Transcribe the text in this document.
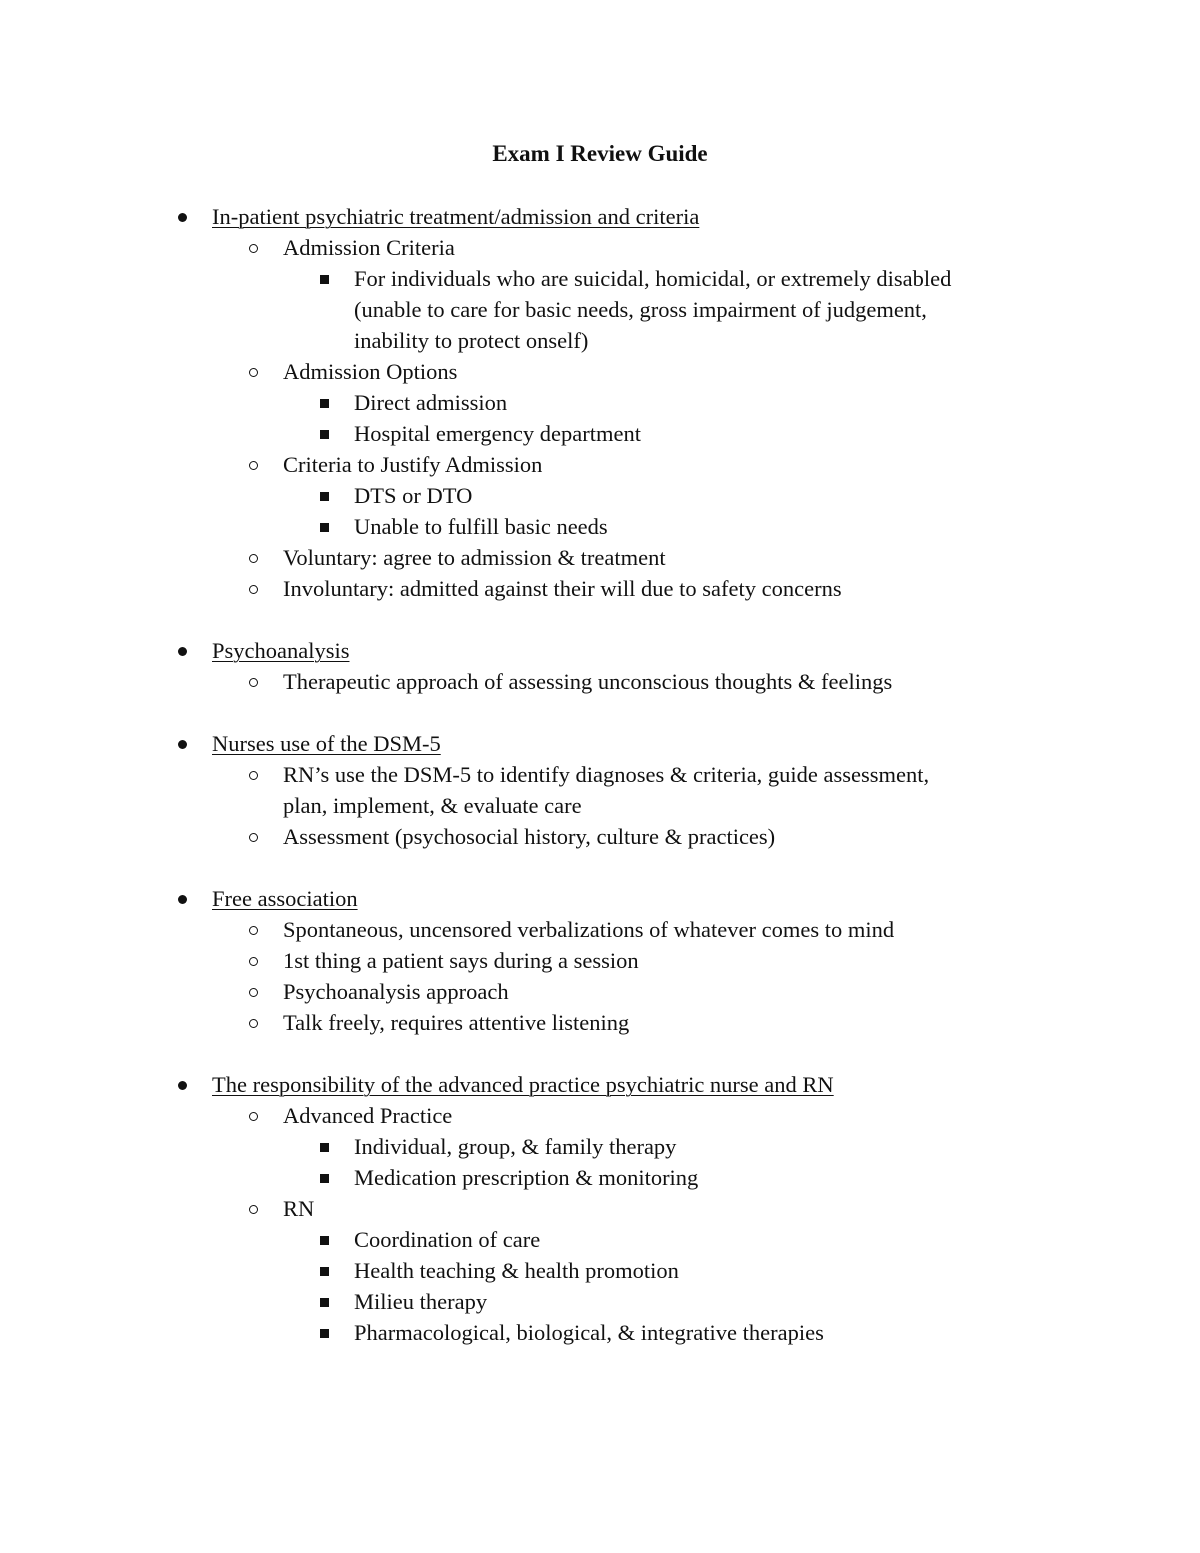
Exam I Review Guide
In-patient psychiatric treatment/admission and criteria
Admission Criteria
For individuals who are suicidal, homicidal, or extremely disabled
(unable to care for basic needs, gross impairment of judgement,
inability to protect onself)
Admission Options
Direct admission
Hospital emergency department
Criteria to Justify Admission
DTS or DTO
Unable to fulfill basic needs
Voluntary: agree to admission & treatment
Involuntary: admitted against their will due to safety concerns
Psychoanalysis
Therapeutic approach of assessing unconscious thoughts & feelings
Nurses use of the DSM-5
RN’s use the DSM-5 to identify diagnoses & criteria, guide assessment,
plan, implement, & evaluate care
Assessment (psychosocial history, culture & practices)
Free association
Spontaneous, uncensored verbalizations of whatever comes to mind
1st thing a patient says during a session
Psychoanalysis approach
Talk freely, requires attentive listening
The responsibility of the advanced practice psychiatric nurse and RN
Advanced Practice
Individual, group, & family therapy
Medication prescription & monitoring
RN
Coordination of care
Health teaching & health promotion
Milieu therapy
Pharmacological, biological, & integrative therapies
